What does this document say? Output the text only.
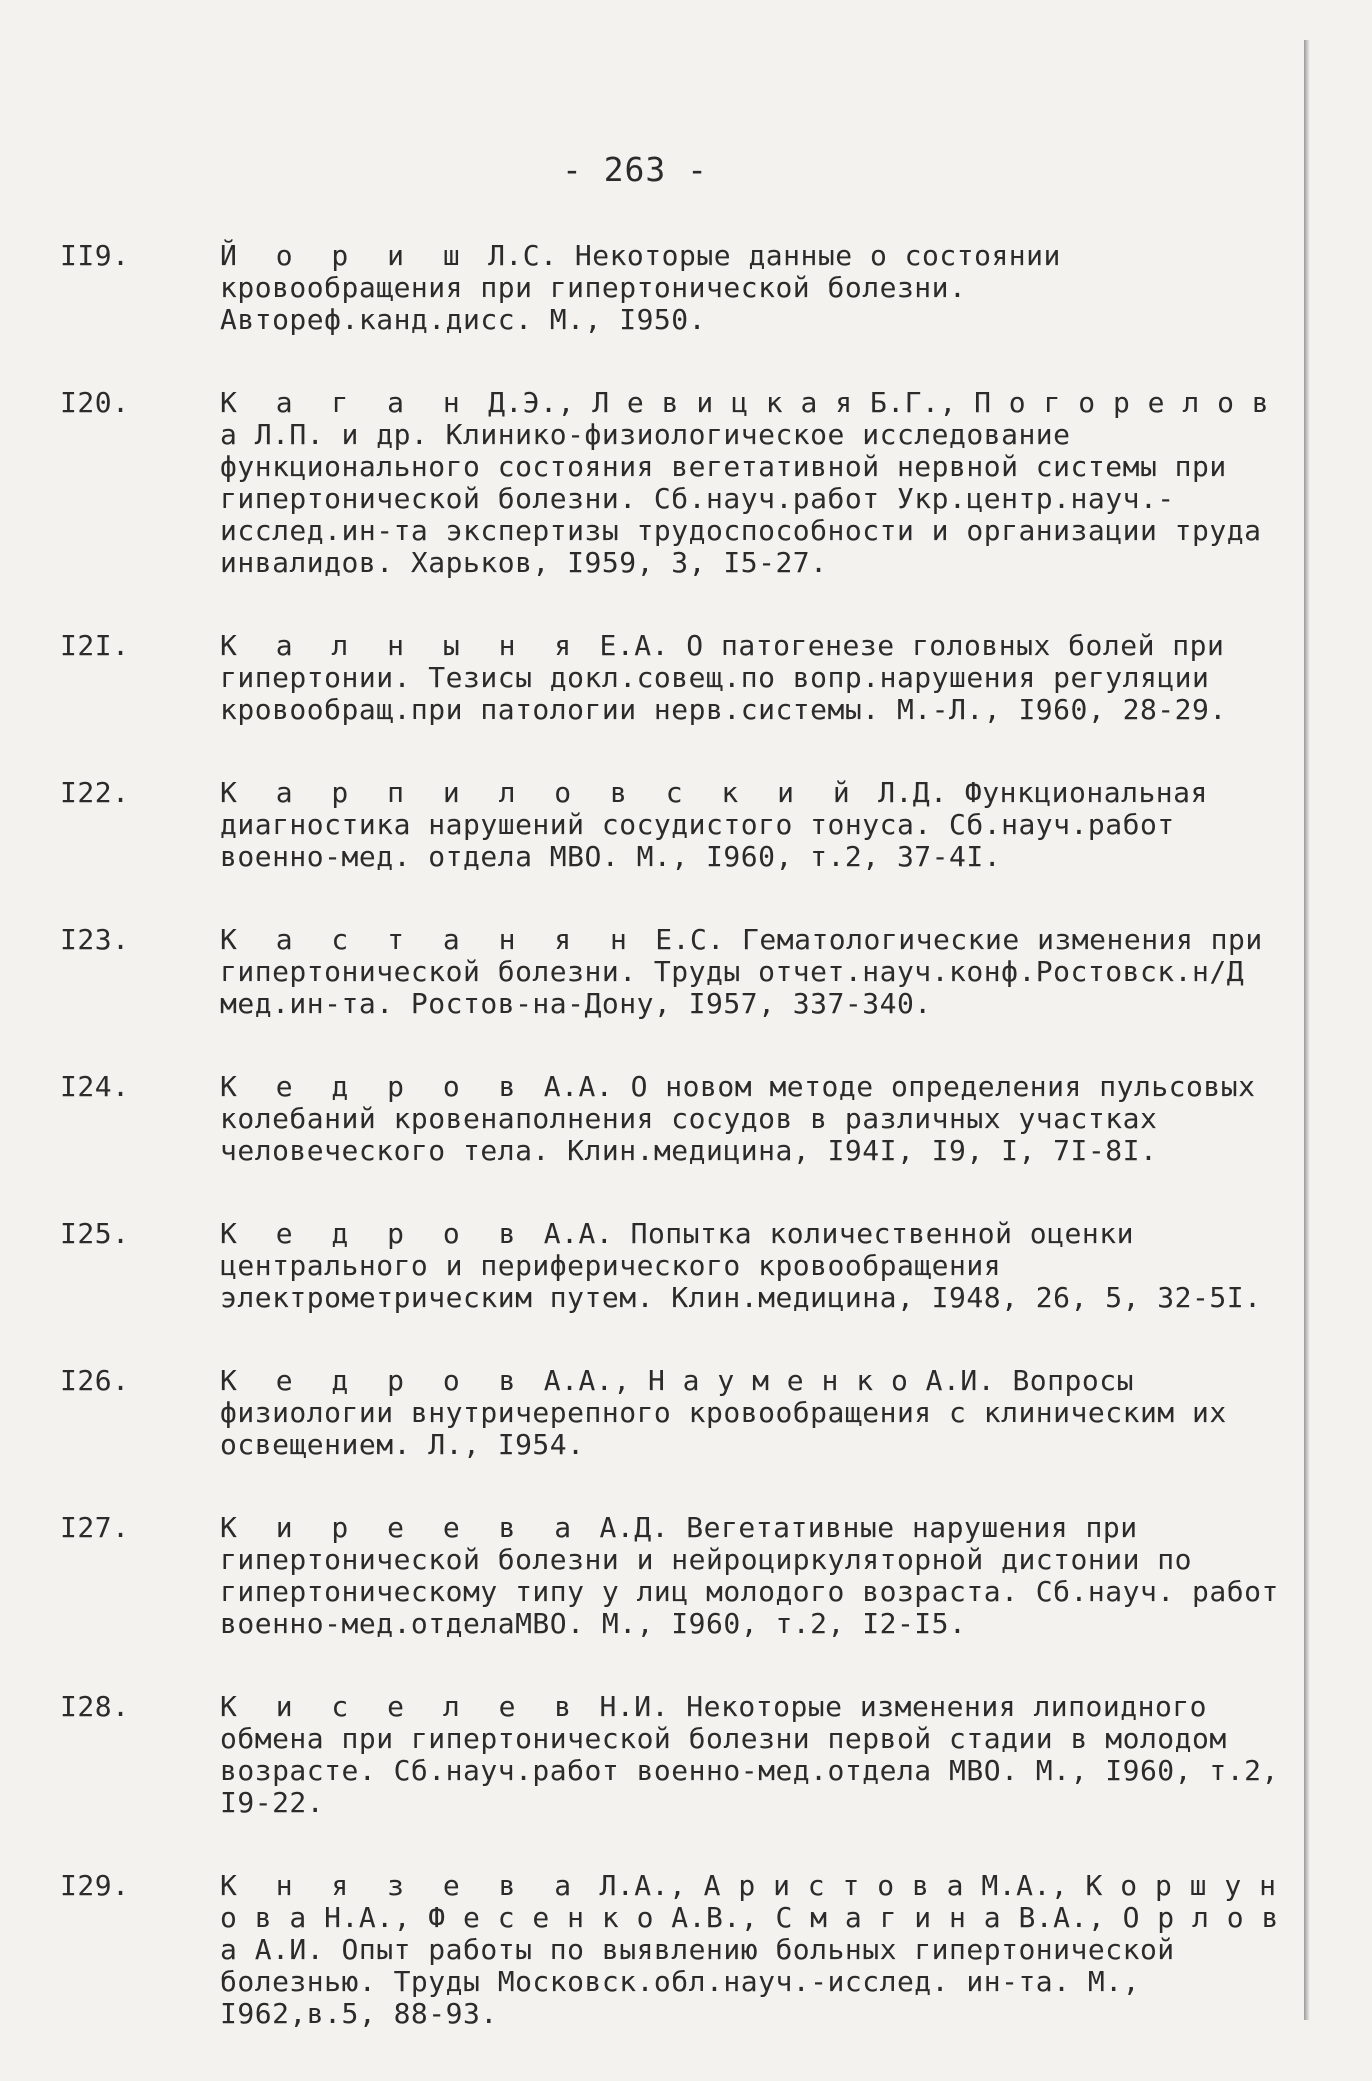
- 263 -
II9.	Й о р и ш Л.С. Некоторые данные о состоянии кровообращения при гипертонической болезни. Автореф.канд.дисс. М., I950.
I20.	К а г а н Д.Э., Л е в и ц к а я Б.Г., П о г о р е л о в а Л.П. и др. Клинико-физиологическое исследование функционального состояния вегетативной нервной системы при гипертонической болезни. Сб.науч.работ Укр.центр.науч.-исслед.ин-та экспертизы трудоспособности и организации труда инвалидов. Харьков, I959, 3, I5-27.
I2I.	К а л н ы н я Е.А. О патогенезе головных болей при гипертонии. Тезисы докл.совещ.по вопр.нарушения регуляции кровообращ.при патологии нерв.системы. М.-Л., I960, 28-29.
I22.	К а р п и л о в с к и й Л.Д. Функциональная диагностика нарушений сосудистого тонуса. Сб.науч.работ военно-мед. отдела МВО. М., I960, т.2, 37-4I.
I23.	К а с т а н я н Е.С. Гематологические изменения при гипертонической болезни. Труды отчет.науч.конф.Ростовск.н/Д мед.ин-та. Ростов-на-Дону, I957, 337-340.
I24.	К е д р о в А.А. О новом методе определения пульсовых колебаний кровенаполнения сосудов в различных участках человеческого тела. Клин.медицина, I94I, I9, I, 7I-8I.
I25.	К е д р о в А.А. Попытка количественной оценки центрального и периферического кровообращения электрометрическим путем. Клин.медицина, I948, 26, 5, 32-5I.
I26.	К е д р о в А.А., Н а у м е н к о А.И. Вопросы физиологии внутричерепного кровообращения с клиническим их освещением. Л., I954.
I27.	К и р е е в а А.Д. Вегетативные нарушения при гипертонической болезни и нейроциркуляторной дистонии по гипертоническому типу у лиц молодого возраста. Сб.науч. работ военно-мед.отделаМВО. М., I960, т.2, I2-I5.
I28.	К и с е л е в Н.И. Некоторые изменения липоидного обмена при гипертонической болезни первой стадии в молодом возрасте. Сб.науч.работ военно-мед.отдела МВО. М., I960, т.2, I9-22.
I29.	К н я з е в а Л.А., А р и с т о в а М.А., К о р ш у н о в а Н.А., Ф е с е н к о А.В., С м а г и н а В.А., О р л о в а А.И. Опыт работы по выявлению больных гипертонической болезнью. Труды Московск.обл.науч.-исслед. ин-та. М., I962,в.5, 88-93.
